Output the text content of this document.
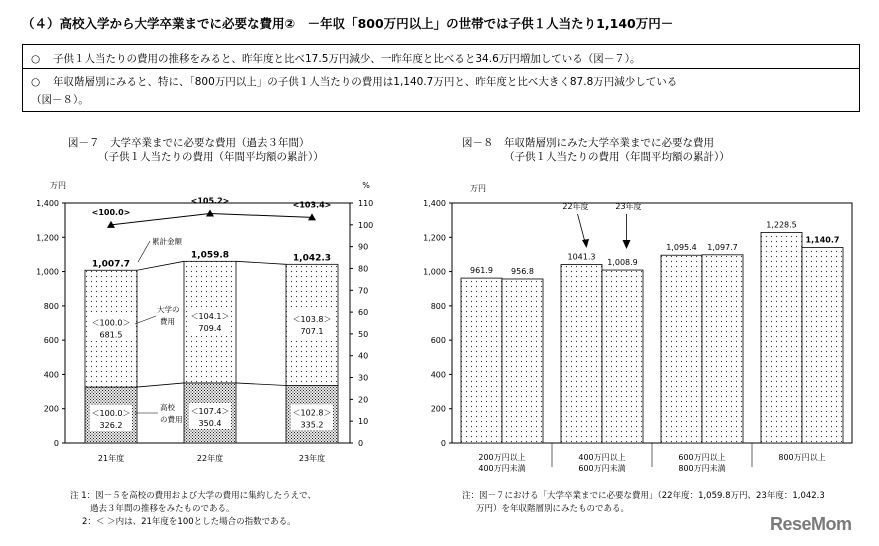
（４）高校入学から大学卒業までに必要な費用②　－年収「800万円以上」の世帯では子供１人当たり1,140万円－

○ 子供１人当たりの費用の推移をみると、昨年度と比べ17.5万円減少、一昨年度と比べると34.6万円増加している（図－７）。

○ 年収階層別にみると、特に、「800万円以上」の子供１人当たりの費用は1,140.7万円と、昨年度と比べ大きく87.8万円減少している

（図－８）。

図－７　大学卒業までに必要な費用（過去３年間）
（子供１人当たりの費用（年間平均額の累計））
図－８　年収階層別にみた大学卒業までに必要な費用
（子供１人当たりの費用（年間平均額の累計））
万円	%
0
200
400
600
800
1,000
1,200
1,400
0
10
20
30
40
50
60
70
80
90
100
110
21年度
1,007.7
＜100.0＞
681.5
＜100.0＞
326.2
22年度
1,059.8
＜104.1＞
709.4
＜107.4＞
350.4
23年度
1,042.3
＜103.8＞
707.1
＜102.8＞
335.2
<100.0>
<105.2>	<103.4>
累計金額
大学の
費用
高校
の費用
万円
0
200
400
600
800
1,000
1,200
1,400
961.9 956.8
200万円以上
400万円未満
1041.3
1,008.9
400万円以上
600万円未満
1,095.4 1,097.7
600万円以上
800万円未満
1,228.5
1,140.7
800万円以上
22年度	23年度
注 1：図－５を高校の費用および大学の費用に集約したうえで、
過去３年間の推移をみたものである。
2：＜ ＞内は、21年度を100とした場合の指数である。
注：図－７における「大学卒業までに必要な費用」（22年度：1,059.8万円、23年度：1,042.3
万円）を年収階層別にみたものである。
ReseMom
